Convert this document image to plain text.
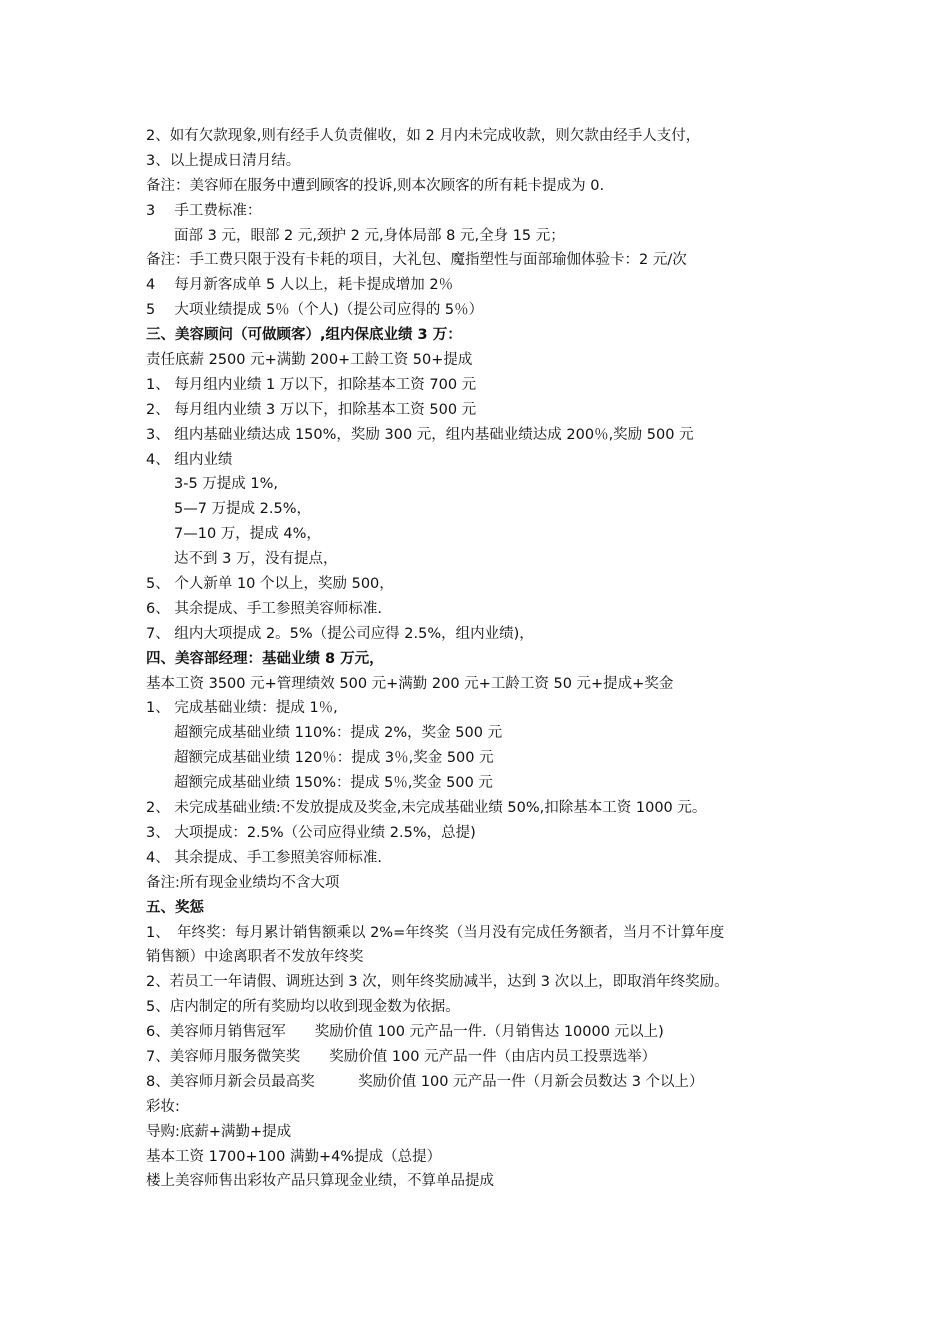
2、如有欠款现象,则有经手人负责催收，如 2 月内未完成收款，则欠款由经手人支付，
3、以上提成日清月结。
备注：美容师在服务中遭到顾客的投诉,则本次顾客的所有耗卡提成为 0.
3　 手工费标准：
面部 3 元，眼部 2 元,颈护 2 元,身体局部 8 元,全身 15 元；
备注：手工费只限于没有卡耗的项目，大礼包、魔指塑性与面部瑜伽体验卡：2 元/次
4　 每月新客成单 5 人以上，耗卡提成增加 2％
5　 大项业绩提成 5％（个人)（提公司应得的 5％）
三、美容顾问（可做顾客）,组内保底业绩 3 万：
责任底薪 2500 元+满勤 200+工龄工资 50+提成
1、 每月组内业绩 1 万以下，扣除基本工资 700 元
2、 每月组内业绩 3 万以下，扣除基本工资 500 元
3、 组内基础业绩达成 150%，奖励 300 元，组内基础业绩达成 200％,奖励 500 元
4、 组内业绩
3-5 万提成 1%,
5—7 万提成 2.5%，
7—10 万，提成 4%，
达不到 3 万，没有提点，
5、 个人新单 10 个以上，奖励 500，
6、 其余提成、手工参照美容师标准.
7、 组内大项提成 2。5%（提公司应得 2.5%，组内业绩)，
四、美容部经理：基础业绩 8 万元，
基本工资 3500 元+管理绩效 500 元+满勤 200 元+工龄工资 50 元+提成+奖金
1、 完成基础业绩：提成 1％,
超额完成基础业绩 110%：提成 2%，奖金 500 元
超额完成基础业绩 120％：提成 3％,奖金 500 元
超额完成基础业绩 150%：提成 5％,奖金 500 元
2、 未完成基础业绩:不发放提成及奖金,未完成基础业绩 50%,扣除基本工资 1000 元。
3、 大项提成：2.5%（公司应得业绩 2.5%，总提)
4、 其余提成、手工参照美容师标准.
备注:所有现金业绩均不含大项
五、奖惩
1、　年终奖：每月累计销售额乘以 2%=年终奖（当月没有完成任务额者，当月不计算年度
销售额）中途离职者不发放年终奖
2、若员工一年请假、调班达到 3 次，则年终奖励减半，达到 3 次以上，即取消年终奖励。
5、店内制定的所有奖励均以收到现金数为依据。
6、美容师月销售冠军　　奖励价值 100 元产品一件.（月销售达 10000 元以上)
7、美容师月服务微笑奖　　奖励价值 100 元产品一件（由店内员工投票选举）
8、美容师月新会员最高奖　　　奖励价值 100 元产品一件（月新会员数达 3 个以上）
彩妆:
导购:底薪+满勤+提成
基本工资 1700+100 满勤+4%提成（总提）
楼上美容师售出彩妆产品只算现金业绩，不算单品提成
